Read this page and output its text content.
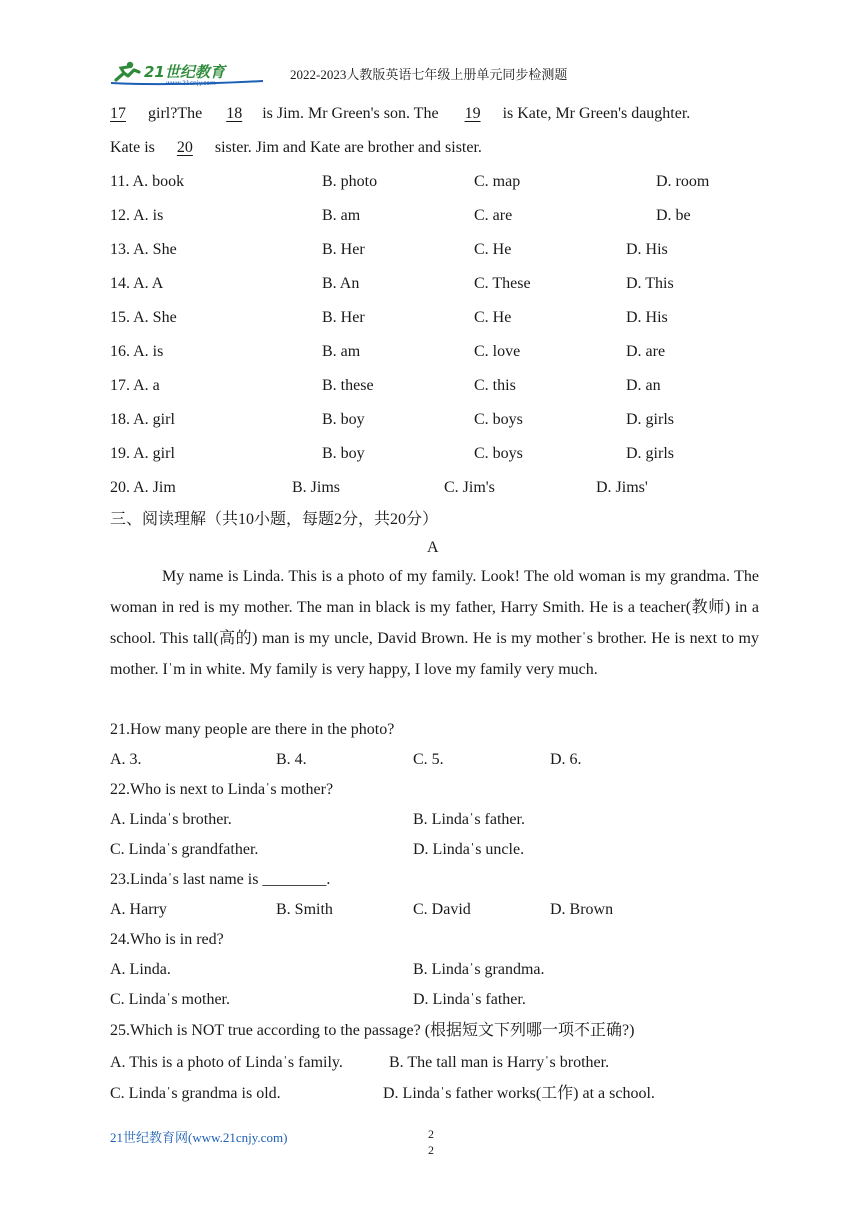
21世纪教育
www.21cnjy.com
2022-2023人教版英语七年级上册单元同步检测题
17 girl?The  18 is Jim. Mr Green's son. The  19 is Kate, Mr Green's daughter.
Kate is 20 sister. Jim and Kate are brother and sister.
11. A. book	B. photo	C. map	D. room
12. A. is	B. am	C. are	D. be
13. A. She	B. Her	C. He	D. His
14. A. A	B. An	C. These	D. This
15. A. She	B. Her	C. He	D. His
16. A. is	B. am	C. love	D. are
17. A. a	B. these	C. this	D. an
18. A. girl	B. boy	C. boys	D. girls
19. A. girl	B. boy	C. boys	D. girls
20. A. Jim	B. Jims	C. Jim's	D. Jims'
三、阅读理解（共10小题，每题2分，共20分）
A
My name is Linda. This is a photo of my family. Look! The old woman is my grandma. The woman in red is my mother. The man in black is my father, Harry Smith. He is a teacher(教师) in a school. This tall(高的) man is my uncle, David Brown. He is my motherˈs brother. He is next to my mother. Iˈm in white. My family is very happy, I love my family very much.
21.How many people are there in the photo?
A. 3.	B. 4.	C. 5.	D. 6.
22.Who is next to Lindaˈs mother?
A. Lindaˈs brother.	B. Lindaˈs father.
C. Lindaˈs grandfather.	D. Lindaˈs uncle.
23.Lindaˈs last name is ________.
A. Harry	B. Smith	C. David	D. Brown
24.Who is in red?
A. Linda.	B. Lindaˈs grandma.
C. Lindaˈs mother.	D. Lindaˈs father.
25.Which is NOT true according to the passage? (根据短文下列哪一项不正确?)
A. This is a photo of Lindaˈs family.	B. The tall man is Harryˈs brother.
C. Lindaˈs grandma is old.	D. Lindaˈs father works(工作) at a school.
21世纪教育网(www.21cnjy.com)	2
2
